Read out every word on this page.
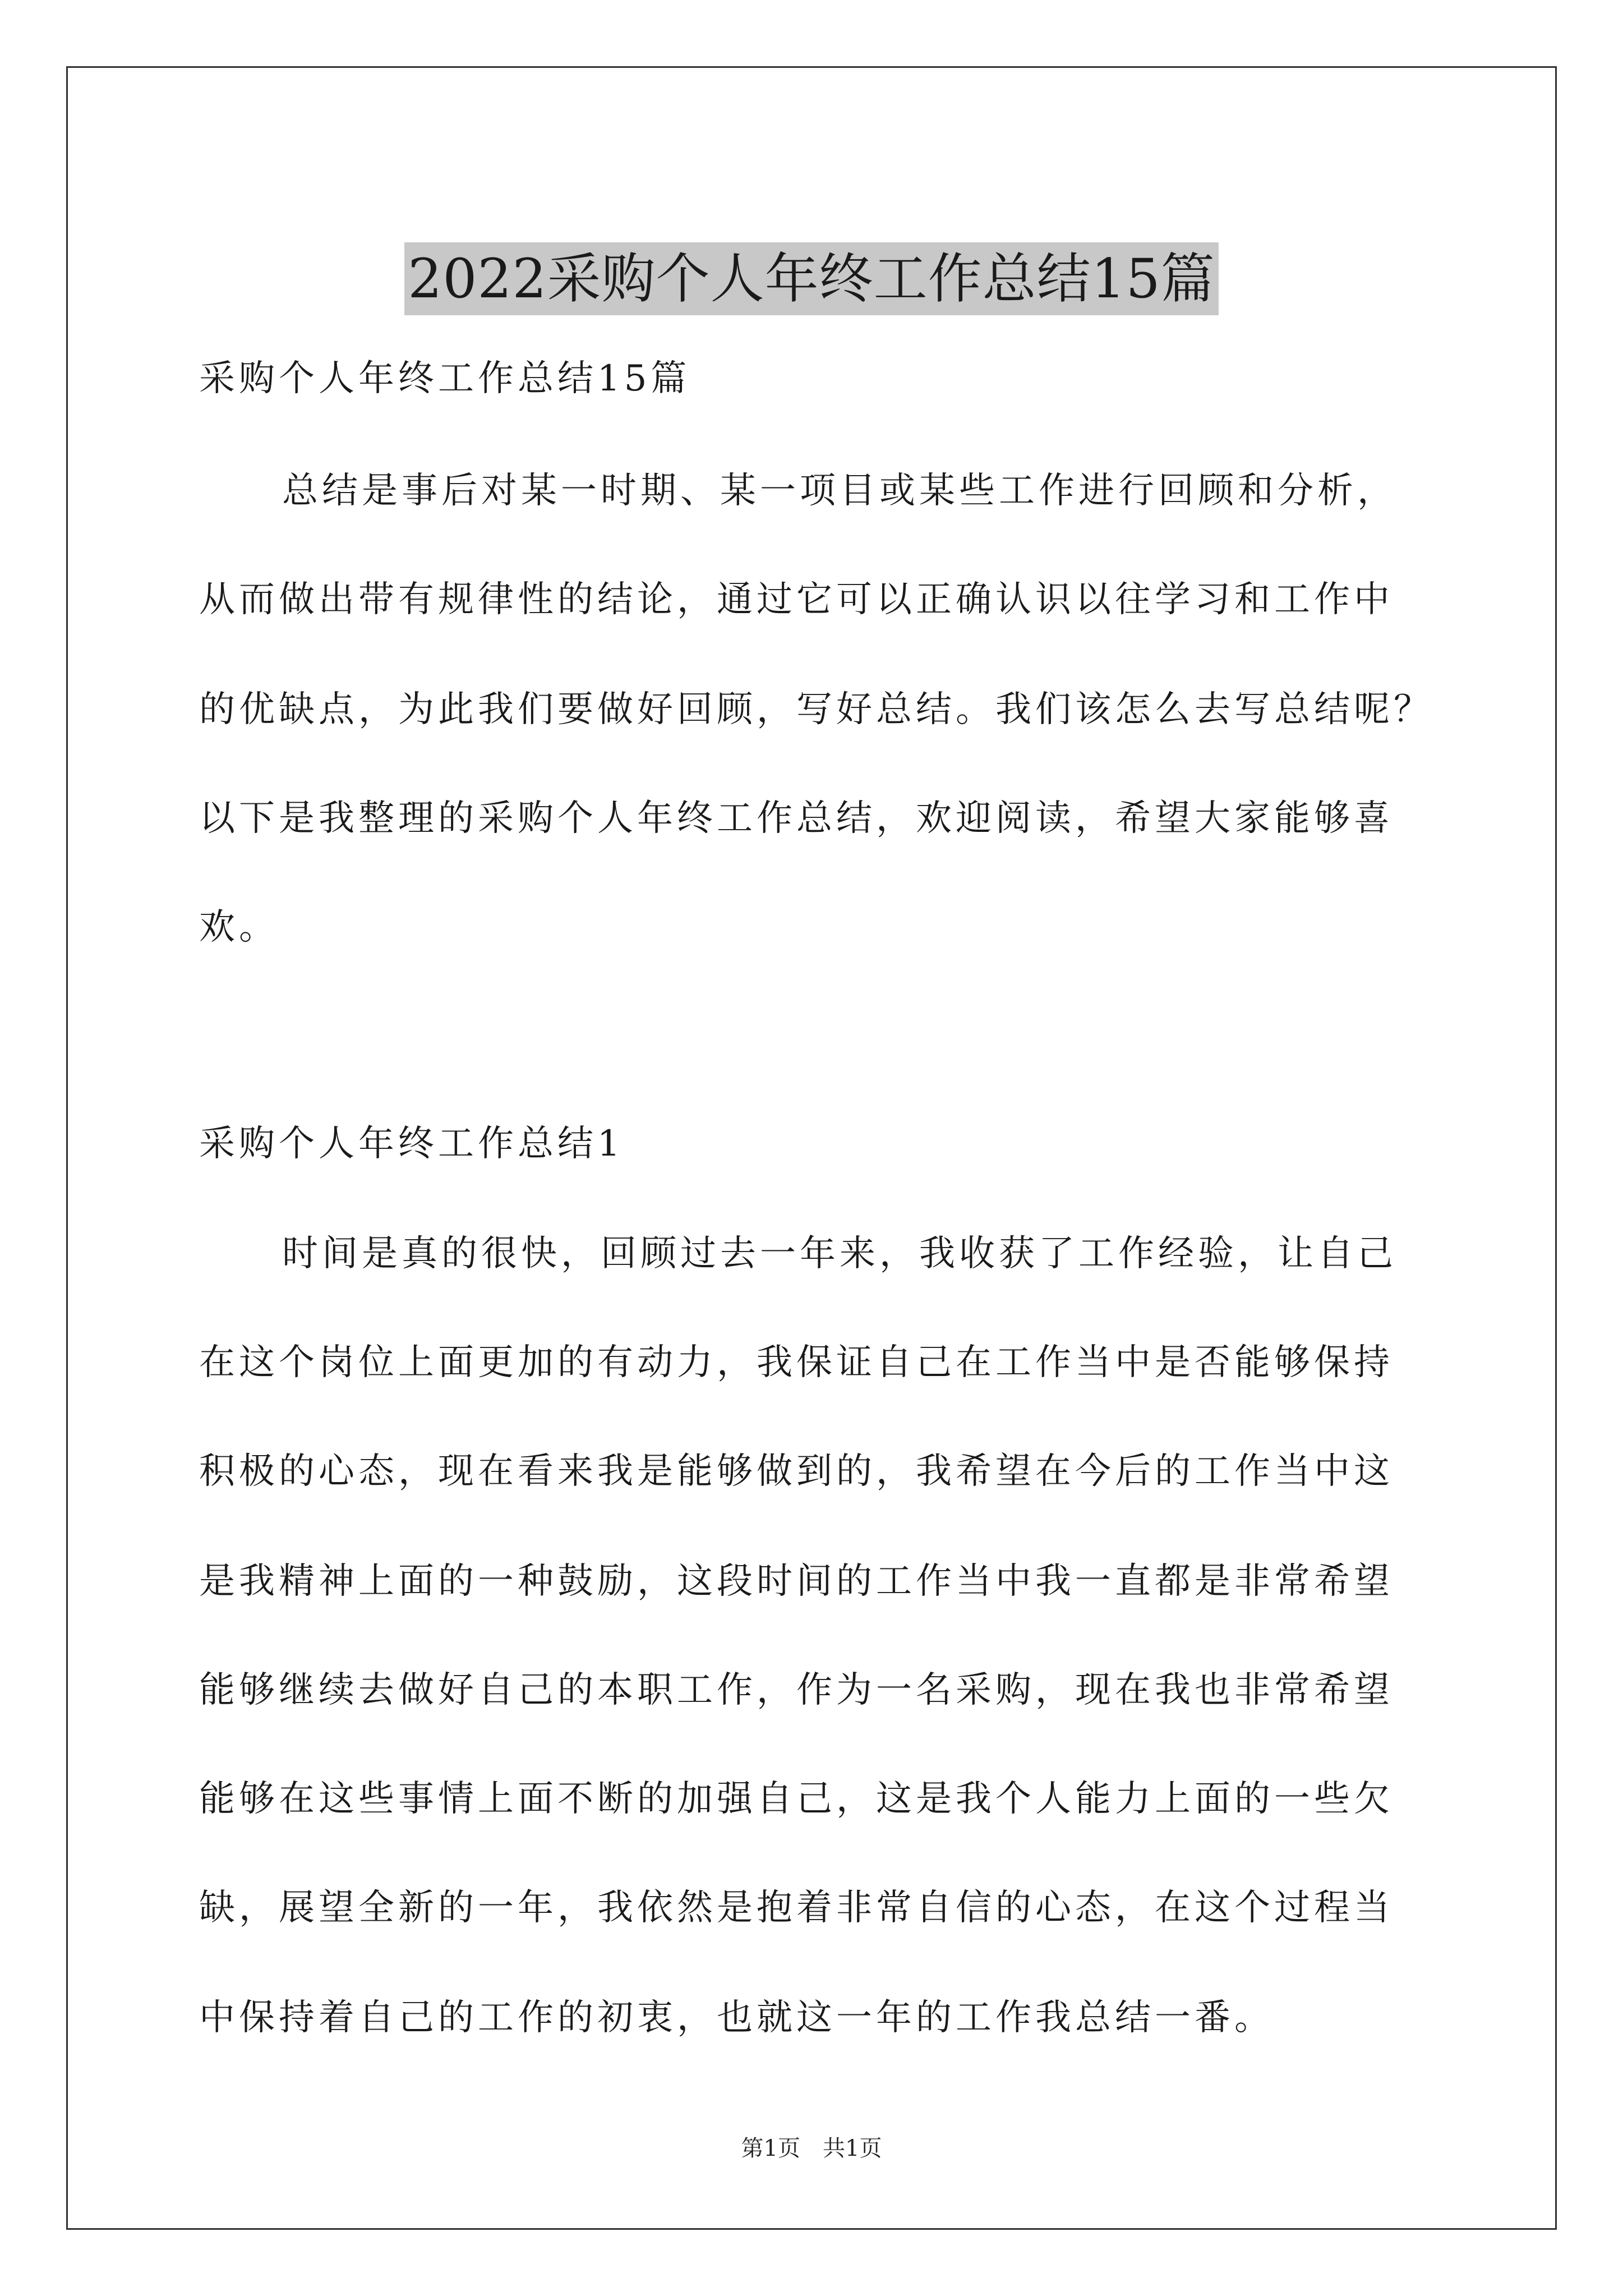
2022采购个人年终工作总结15篇
采购个人年终工作总结15篇
总结是事后对某一时期、某一项目或某些工作进行回顾和分析，
从而做出带有规律性的结论，通过它可以正确认识以往学习和工作中
的优缺点，为此我们要做好回顾，写好总结。我们该怎么去写总结呢？
以下是我整理的采购个人年终工作总结，欢迎阅读，希望大家能够喜
欢。
采购个人年终工作总结1
时间是真的很快，回顾过去一年来，我收获了工作经验，让自己
在这个岗位上面更加的有动力，我保证自己在工作当中是否能够保持
积极的心态，现在看来我是能够做到的，我希望在今后的工作当中这
是我精神上面的一种鼓励，这段时间的工作当中我一直都是非常希望
能够继续去做好自己的本职工作，作为一名采购，现在我也非常希望
能够在这些事情上面不断的加强自己，这是我个人能力上面的一些欠
缺，展望全新的一年，我依然是抱着非常自信的心态，在这个过程当
中保持着自己的工作的初衷，也就这一年的工作我总结一番。
第1页 共1页
